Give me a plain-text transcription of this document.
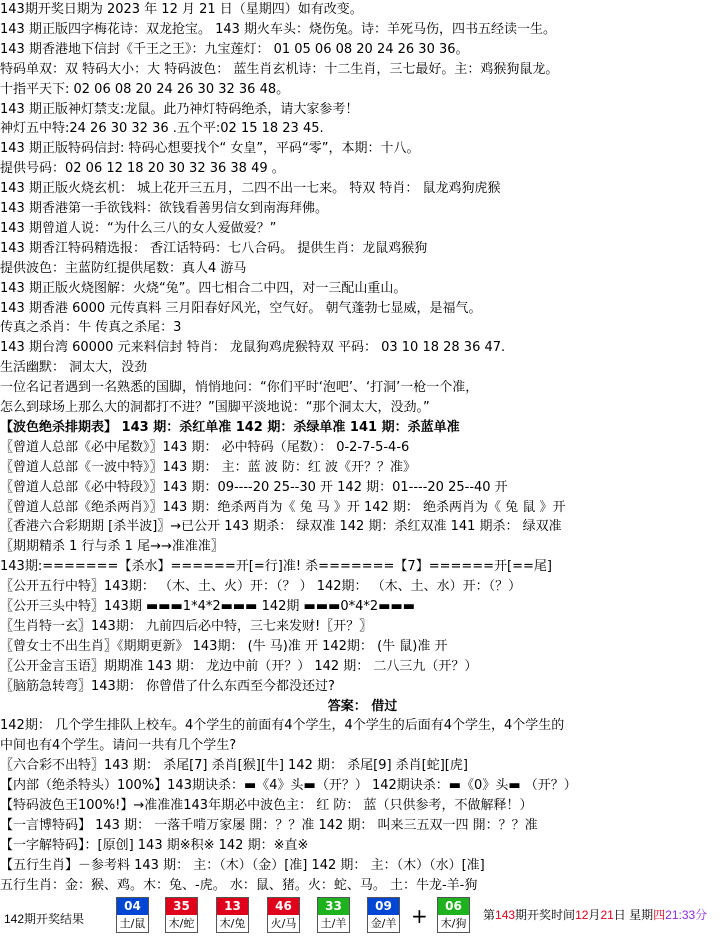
143期开奖日期为 2023 年 12 月 21 日（星期四）如有改变。
143 期正版四字梅花诗：双龙抢宝。 143 期火车头：烧伤兔。诗：羊死马伤，四书五经读一生。
143 期香港地下信封《千王之王》：九宝莲灯： 01 05 06 08 20 24 26 30 36。
特码单双：双 特码大小：大 特码波色： 蓝生肖玄机诗：十二生肖，三七最好。主：鸡猴狗鼠龙。
十指平天下: 02 06 08 20 24 26 30 32 36 48。
143 期正版神灯禁支:龙鼠。此乃神灯特码绝杀，请大家参考！
神灯五中特:24 26 30 32 36 .五个平:02 15 18 23 45.
143 期正版特码信封: 特码心想要找个“ 女皇”，平码“零”，本期：十八。
提供号码：02 06 12 18 20 30 32 36 38 49 。
143 期正版火烧玄机： 城上花开三五月，二四不出一七来。 特双 特肖： 鼠龙鸡狗虎猴
143 期香港第一手欲钱料：欲钱看善男信女到南海拜佛。
143 期曾道人说：“为什么三八的女人爱做爱？”
143 期香江特码精选报： 香江话特码：七八合码。 提供生肖：龙鼠鸡猴狗
提供波色：主蓝防红提供尾数：真人4 游马
143 期正版火烧图解：火烧“兔”。四七相合二中四，对一三配山重山。
143 期香港 6000 元传真料 三月阳春好风光，空气好。 朝气蓬勃七显威，是福气。
传真之杀肖：牛 传真之杀尾：3
143 期台湾 60000 元来料信封 特肖： 龙鼠狗鸡虎猴特双 平码： 03 10 18 28 36 47.
生活幽默： 洞太大，没劲
一位名记者遇到一名熟悉的国脚，悄悄地问：“你们平时‘泡吧’、‘打洞’一枪一个准，
怎么到球场上那么大的洞都打不进？”国脚平淡地说：“那个洞太大，没劲。”
【波色绝杀排期表】 143 期：杀红单准 142 期：杀绿单准 141 期：杀蓝单准
〖曾道人总部《必中尾数》〗143 期： 必中特码（尾数）： 0-2-7-5-4-6
〖曾道人总部《一波中特》〗143 期： 主：蓝 波 防：红 波《开？？准》
〖曾道人总部《必中特段》〗143 期：09----20 25--30 开 142 期：01----20 25--40 开
〖曾道人总部《绝杀两肖》〗143 期：绝杀两肖为《 兔 马 》开 142 期： 绝杀两肖为《 兔 鼠 》开
〖香港六合彩期期 [杀半波]〗→已公开 143 期杀： 绿双准 142 期：杀红双准 141 期杀： 绿双准
〖期期精杀 1 行与杀 1 尾→→准准准〗
143期:=======【杀水】======开[=行]准! 杀=======【7】======开[==尾]
〖公开五行中特〗143期： （木、土、火）开：（？ ） 142期： （木、土、水）开：（？）
〖公开三头中特〗143期 ▬▬▬1*4*2▬▬▬ 142期 ▬▬▬0*4*2▬▬▬
〖生肖特一玄〗143期： 九前四后必中特，三七来发财!〖开？〗
〖曾女士不出生肖〗《期期更新》 143期： (牛 马)准 开 142期： (牛 鼠)准 开
〖公开金言玉语〗期期准 143 期： 龙边中前（开？） 142 期： 二八三九（开？）
〖脑筋急转弯〗143期： 你曾借了什么东西至今都没还过?
答案： 借过
142期： 几个学生排队上校车。4个学生的前面有4个学生，4个学生的后面有4个学生，4个学生的
中间也有4个学生。请问一共有几个学生?
〖六合彩不出特〗143 期： 杀尾[7] 杀肖[猴][牛] 142 期： 杀尾[9] 杀肖[蛇][虎]
【内部（绝杀特头）100%】143期诀杀：▬《4》头▬（开？） 142期诀杀：▬《0》头▬ （开？）
【特码波色王100%!】→准准准143年期必中波色主： 红 防： 蓝（只供参考，不做解释！）
【一言博特码】 143 期： 一落千啃万家屡 開：？？准 142 期： 叫来三五双一四 開：？？准
【一字解特码】：[原创] 143 期※积※ 142 期：※直※
【五行生肖】－参考料 143 期： 主：（木）（金）[准] 142 期： 主：（木）（水）[准]
五行生肖：金：猴、鸡。木：兔、-虎。 水：鼠、猪。火：蛇、马。 土：牛龙-羊-狗
142期开奖结果
04
土/鼠
35
木/蛇
13
木/兔
46
火/马
33
土/羊
09
金/羊 +	06
木/狗
第143期开奖时间12月21日 星期四21:33分
